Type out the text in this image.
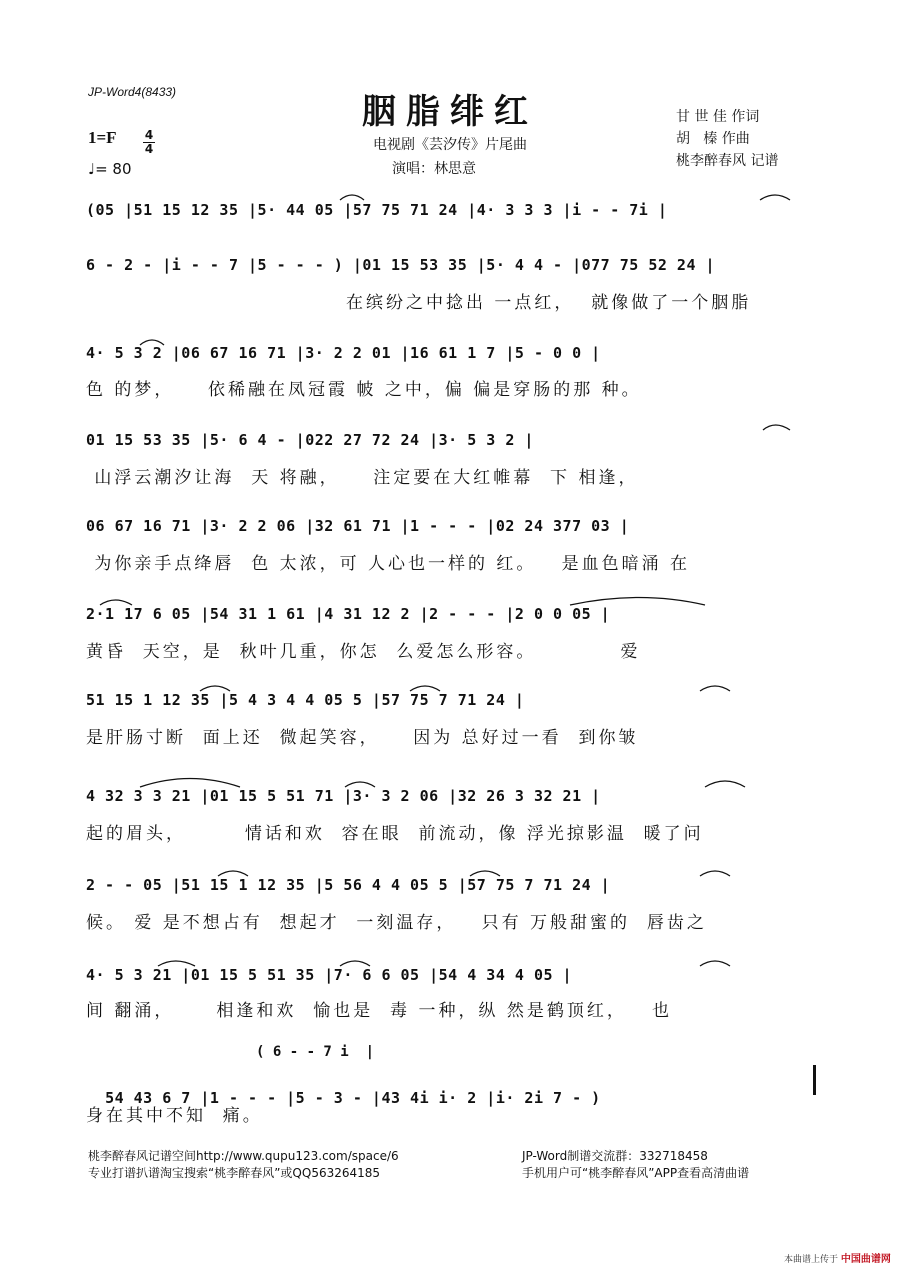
JP-Word4(8433)	胭脂绯红
电视剧《芸汐传》片尾曲
演唱：林思意
甘 世 佳 作词
胡   榛 作曲
桃李醉春风 记谱
1=F 4
4
♩= 80
(05 |51 15 12 35 |5· 44 05 |57 75 71 24 |4· 3 3 3 |i - - 7i |
6 - 2 - |i - - 7 |5 - - - ) |01 15 53 35 |5· 4 4 - |077 75 52 24 |
在缤纷之中捻出 一点红，  就像做了一个胭脂
4· 5 3 2 |06 67 16 71 |3· 2 2 01 |16 61 1 7 |5 - 0 0 |
色 的梦，    依稀融在凤冠霞 帔 之中，偏 偏是穿肠的那 种。
01 15 53 35 |5· 6 4 - |022 27 72 24 |3· 5 3 2 |
山浮云潮汐让海  天 将融，    注定要在大红帷幕  下 相逢，
06 67 16 71 |3· 2 2 06 |32 61 71 |1 - - - |02 24 377 03 |
为你亲手点绛唇  色 太浓，可 人心也一样的 红。   是血色暗涌 在
2·1 17 6 05 |54 31 1 61 |4 31 12 2 |2 - - - |2 0 0 05 |
黄昏  天空，是  秋叶几重，你怎  么爱怎么形容。          爱
51 15 1 12 35 |5 4 3 4 4 05 5 |57 75 7 71 24 |
是肝肠寸断  面上还  微起笑容，    因为 总好过一看  到你皱
4 32 3 3 21 |01 15 5 51 71 |3· 3 2 06 |32 26 3 32 21 |
起的眉头，       情话和欢  容在眼  前流动，像 浮光掠影温  暖了问
2 - - 05 |51 15 1 12 35 |5 56 4 4 05 5 |57 75 7 71 24 |
候。 爱 是不想占有  想起才  一刻温存，   只有 万般甜蜜的  唇齿之
4· 5 3 21 |01 15 5 51 35 |7· 6 6 05 |54 4 34 4 05 |
间 翻涌，     相逢和欢  愉也是  毒 一种，纵 然是鹤顶红，   也
( 6 - - 7 i  |

54 43 6 7 |1 - - - |5 - 3 - |43 4i i· 2 |i· 2i 7 - )

身在其中不知  痛。
桃李醉春风记谱空间http://www.qupu123.com/space/6
专业打谱扒谱淘宝搜索“桃李醉春风”或QQ563264185
JP-Word制谱交流群：332718458
手机用户可“桃李醉春风”APP查看高清曲谱
本曲谱上传于 中国曲谱网
